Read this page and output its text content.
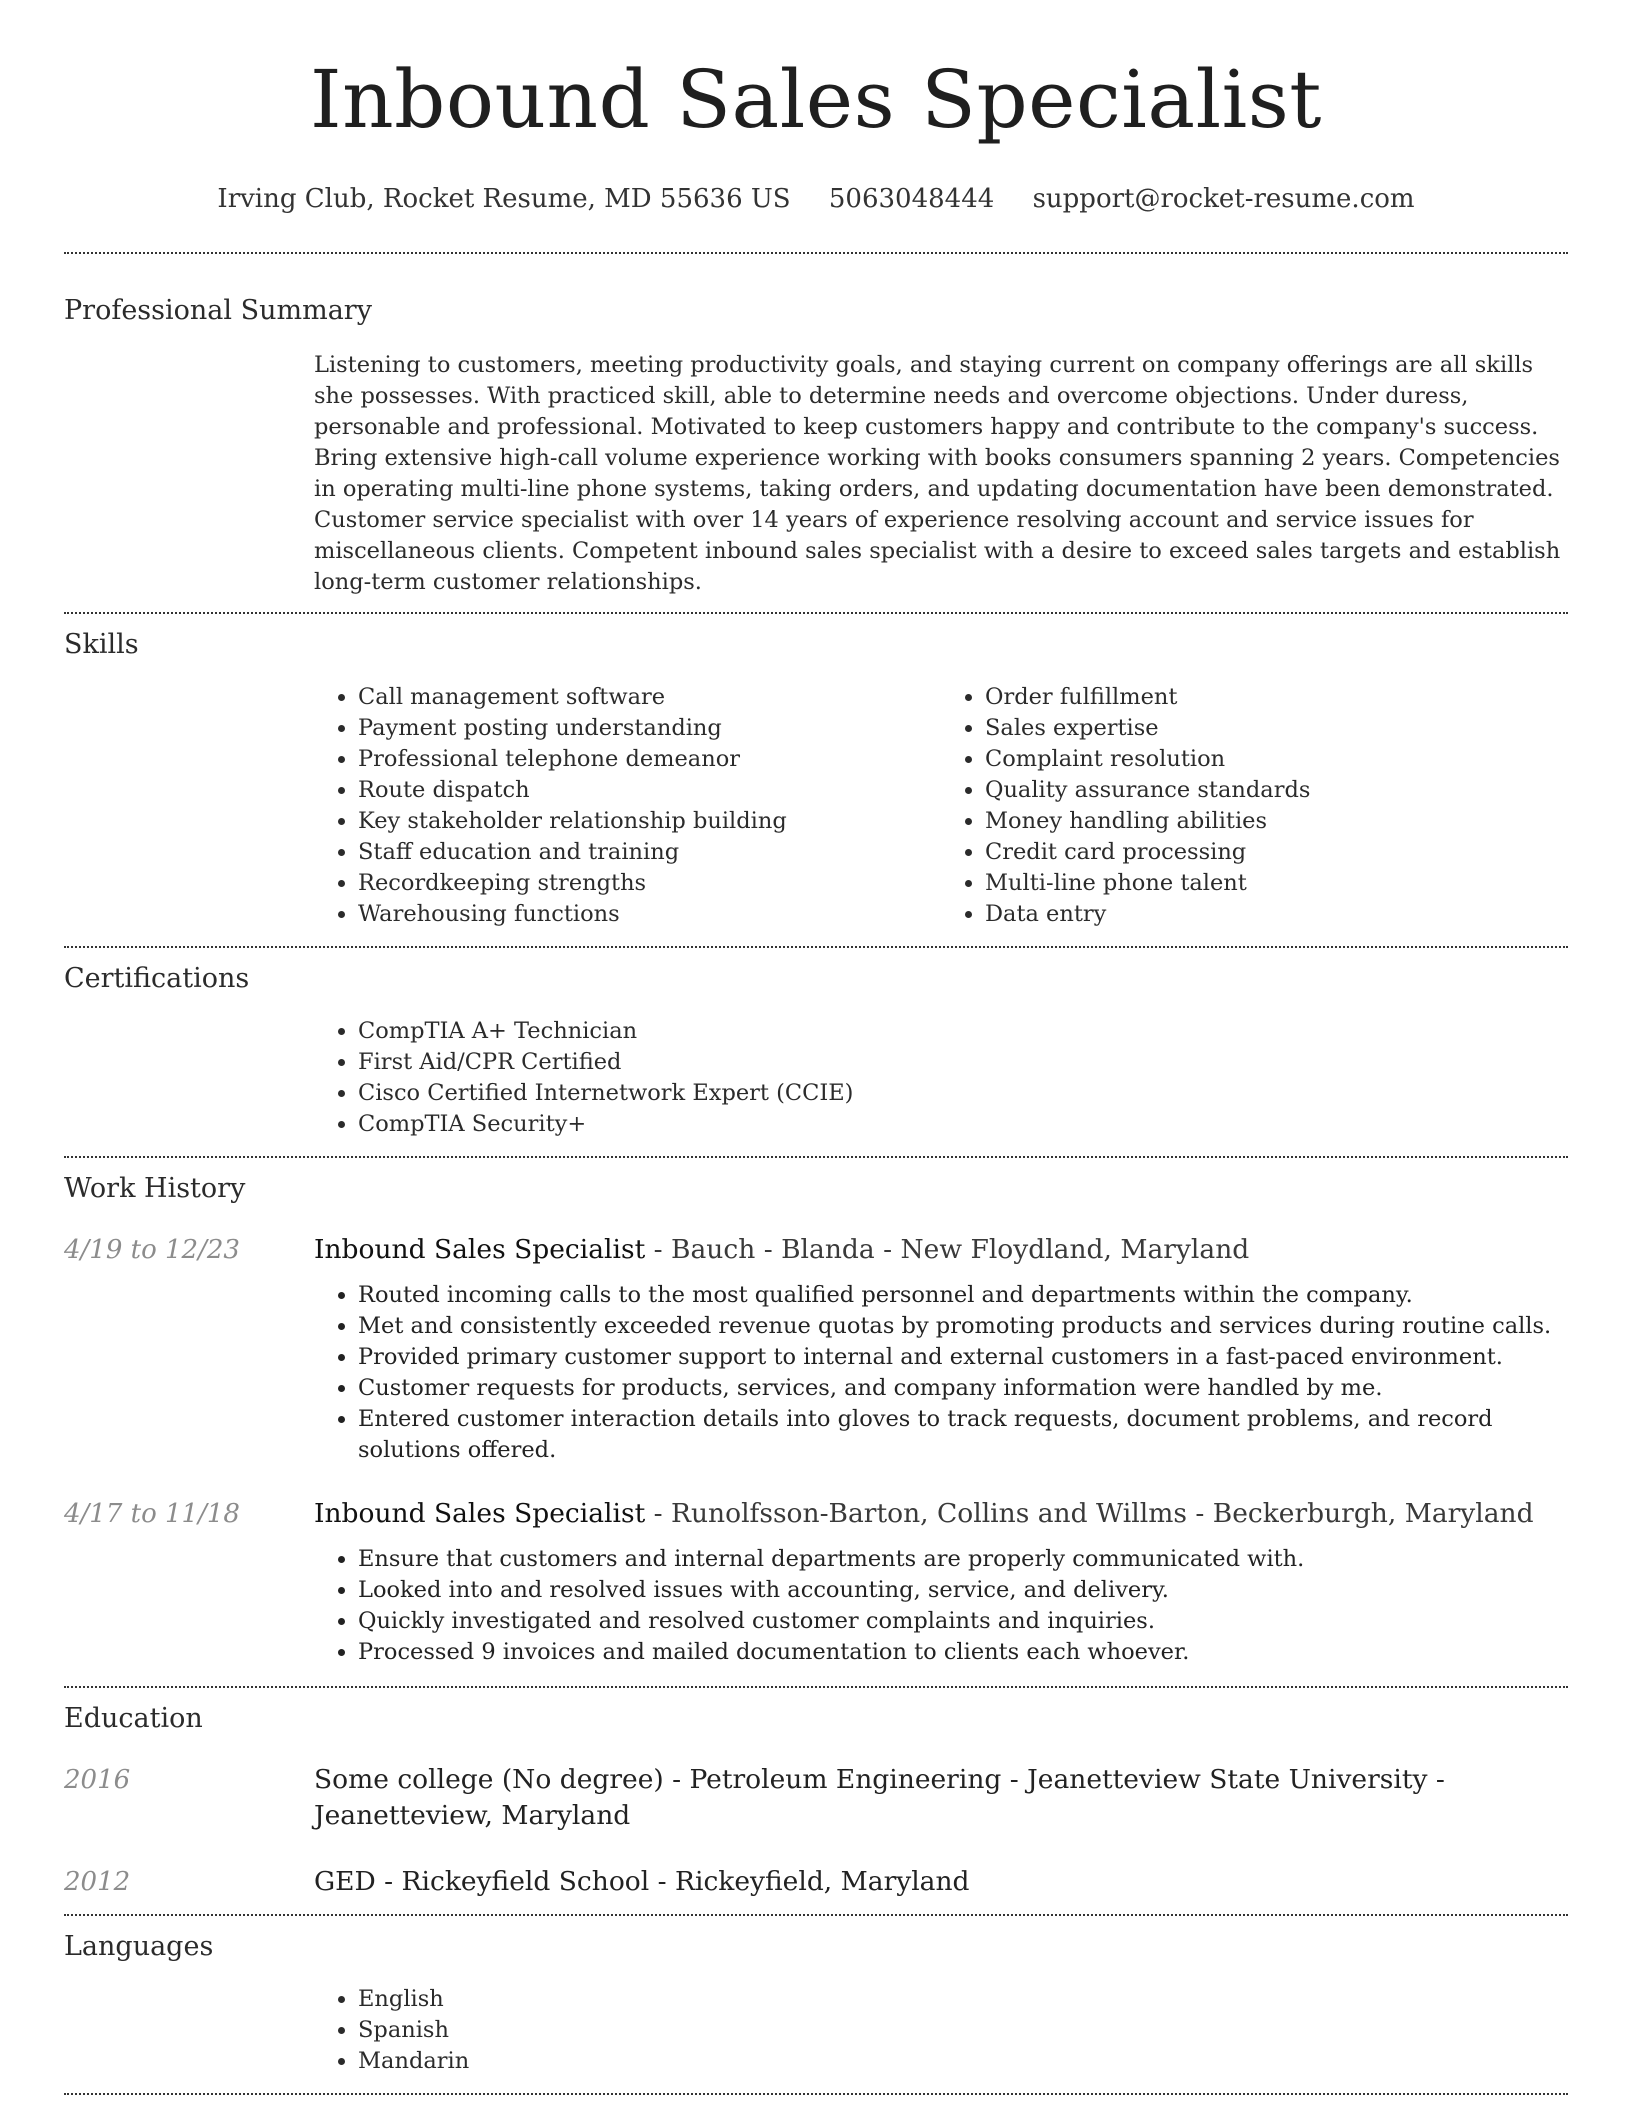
Inbound Sales Specialist
Irving Club, Rocket Resume, MD 55636 US 5063048444 support@rocket-resume.com
Professional Summary

Listening to customers, meeting productivity goals, and staying current on company offerings are all skills she possesses. With practiced skill, able to determine needs and overcome objections. Under duress, personable and professional. Motivated to keep customers happy and contribute to the company's success. Bring extensive high-call volume experience working with books consumers spanning 2 years. Competencies in operating multi-line phone systems, taking orders, and updating documentation have been demonstrated. Customer service specialist with over 14 years of experience resolving account and service issues for miscellaneous clients. Competent inbound sales specialist with a desire to exceed sales targets and establish long-term customer relationships.

Skills
• Call management software
• Payment posting understanding
• Professional telephone demeanor
• Route dispatch
• Key stakeholder relationship building
• Staff education and training
• Recordkeeping strengths
• Warehousing functions
• Order fulfillment
• Sales expertise
• Complaint resolution
• Quality assurance standards
• Money handling abilities
• Credit card processing
• Multi-line phone talent
• Data entry
Certifications
• CompTIA A+ Technician
• First Aid/CPR Certified
• Cisco Certified Internetwork Expert (CCIE)
• CompTIA Security+
Work History
4/19 to 12/23	Inbound Sales Specialist - Bauch - Blanda - New Floydland, Maryland
• Routed incoming calls to the most qualified personnel and departments within the company.
• Met and consistently exceeded revenue quotas by promoting products and services during routine calls.
• Provided primary customer support to internal and external customers in a fast-paced environment.
• Customer requests for products, services, and company information were handled by me.
• Entered customer interaction details into gloves to track requests, document problems, and record solutions offered.
4/17 to 11/18	Inbound Sales Specialist - Runolfsson-Barton, Collins and Willms - Beckerburgh, Maryland
• Ensure that customers and internal departments are properly communicated with.
• Looked into and resolved issues with accounting, service, and delivery.
• Quickly investigated and resolved customer complaints and inquiries.
• Processed 9 invoices and mailed documentation to clients each whoever.
Education
2016	Some college (No degree) - Petroleum Engineering - Jeanetteview State University - Jeanetteview, Maryland
2012	GED - Rickeyfield School - Rickeyfield, Maryland
Languages
• English
• Spanish
• Mandarin
